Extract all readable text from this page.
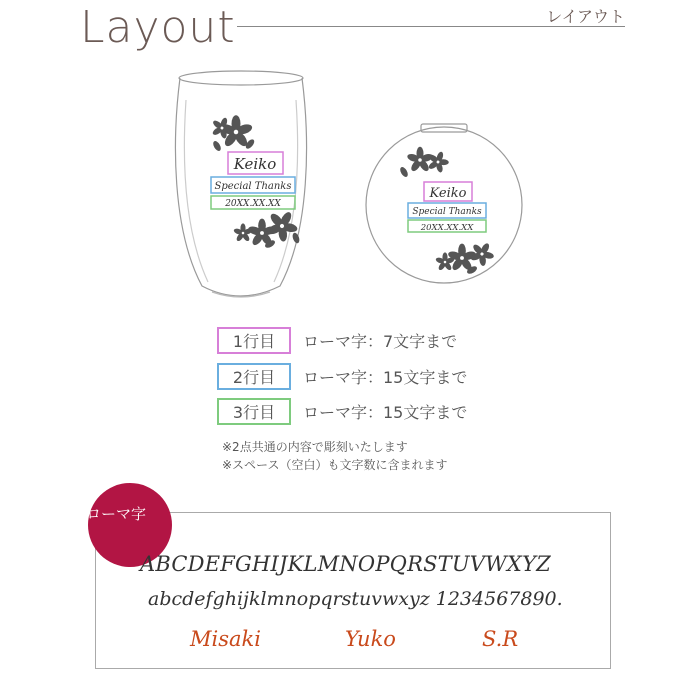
Layout	レイアウト
Keiko
Special Thanks
20XX.XX.XX
Keiko
Special Thanks
20XX.XX.XX
1行目	ローマ字：7文字まで
2行目	ローマ字：15文字まで
3行目	ローマ字：15文字まで
※2点共通の内容で彫刻いたします
※スペース（空白）も文字数に含まれます
ローマ字
ABCDEFGHIJKLMNOPQRSTUVWXYZ
abcdefghijklmnopqrstuvwxyz 1234567890.
Misaki	Yuko	S.R
